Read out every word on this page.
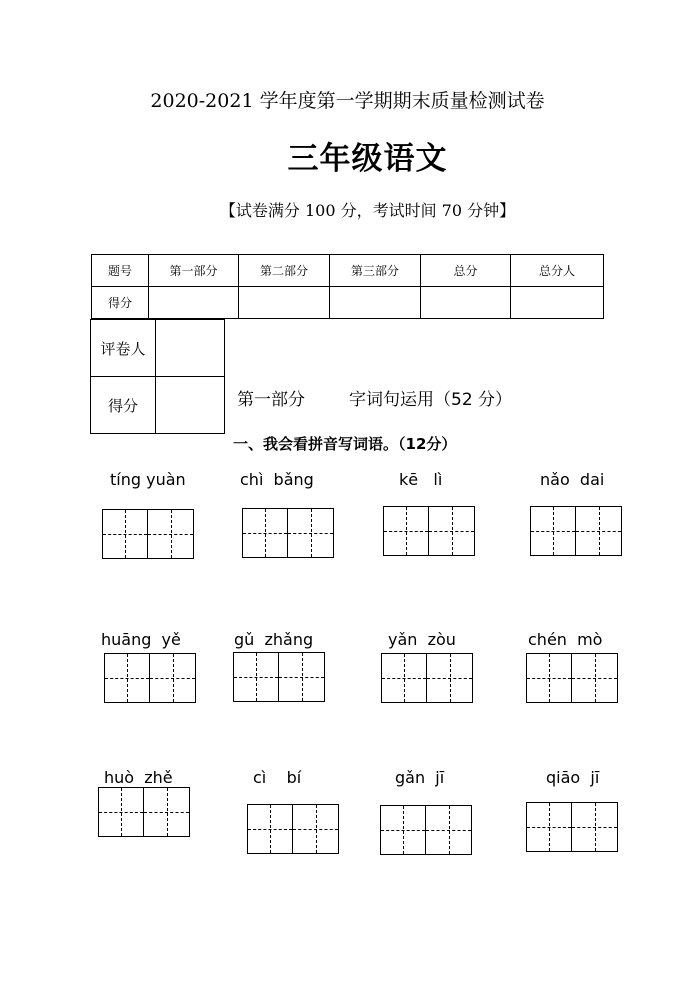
2020-2021 学年度第一学期期末质量检测试卷
三年级语文
【试卷满分 100 分，考试时间 70 分钟】
题号	第一部分	第二部分	第三部分	总分	总分人
得分					
评卷人	
得分		第一部分	字词句运用（52 分）
一、我会看拼音写词语。（12分）
tíng yuàn	chì  bǎng	kē   lì	nǎo  dai
huāng  yě	gǔ  zhǎng	yǎn  zòu	chén  mò
huò  zhě	cì    bí	gǎn  jī	qiāo  jī
